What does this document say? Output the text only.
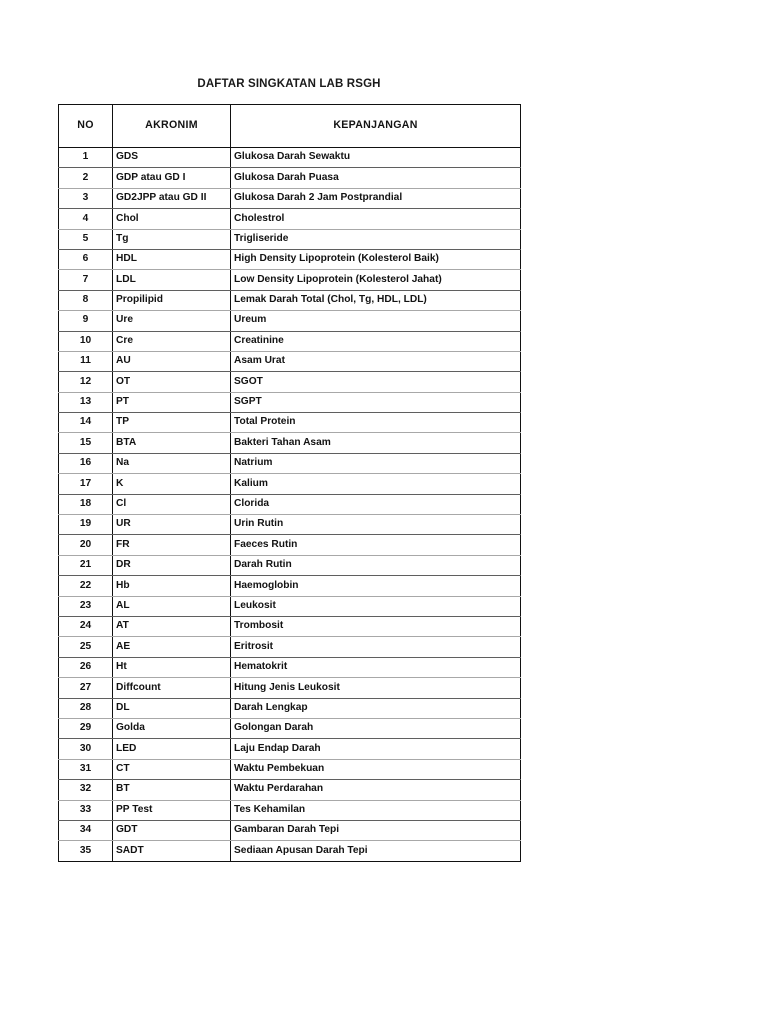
DAFTAR SINGKATAN LAB RSGH
NO	AKRONIM	KEPANJANGAN
1	GDS	Glukosa Darah Sewaktu
2	GDP atau GD I	Glukosa Darah Puasa
3	GD2JPP atau GD II	Glukosa Darah 2 Jam Postprandial
4	Chol	Cholestrol
5	Tg	Trigliseride
6	HDL	High Density Lipoprotein (Kolesterol Baik)
7	LDL	Low Density Lipoprotein (Kolesterol Jahat)
8	Propilipid	Lemak Darah Total (Chol, Tg, HDL, LDL)
9	Ure	Ureum
10	Cre	Creatinine
11	AU	Asam Urat
12	OT	SGOT
13	PT	SGPT
14	TP	Total Protein
15	BTA	Bakteri Tahan Asam
16	Na	Natrium
17	K	Kalium
18	Cl	Clorida
19	UR	Urin Rutin
20	FR	Faeces Rutin
21	DR	Darah Rutin
22	Hb	Haemoglobin
23	AL	Leukosit
24	AT	Trombosit
25	AE	Eritrosit
26	Ht	Hematokrit
27	Diffcount	Hitung Jenis Leukosit
28	DL	Darah Lengkap
29	Golda	Golongan Darah
30	LED	Laju Endap Darah
31	CT	Waktu Pembekuan
32	BT	Waktu Perdarahan
33	PP Test	Tes Kehamilan
34	GDT	Gambaran Darah Tepi
35	SADT	Sediaan Apusan Darah Tepi
